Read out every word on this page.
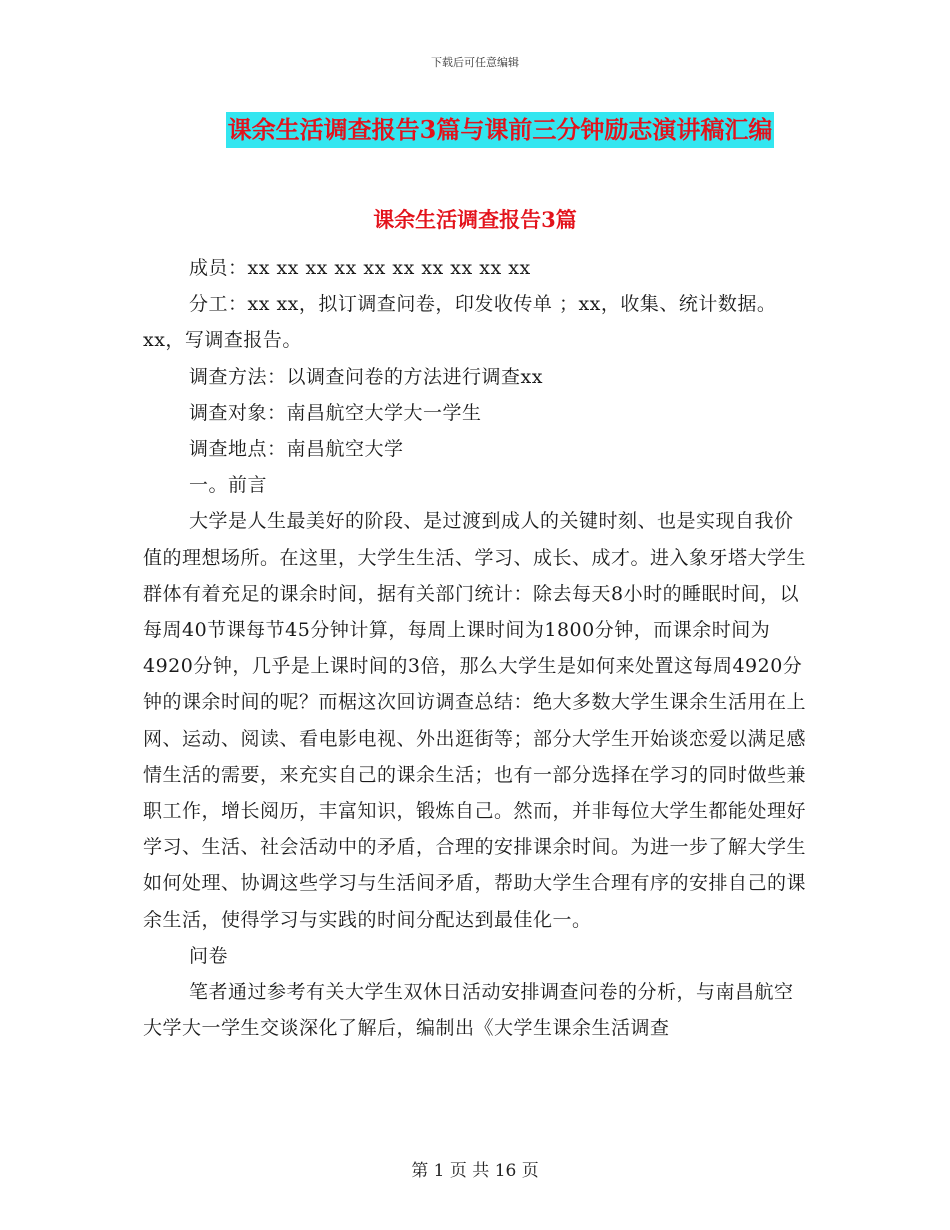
下载后可任意编辑
课余生活调查报告3篇与课前三分钟励志演讲稿汇编
课余生活调查报告3篇

成员：xx xx xx xx xx xx xx xx xx xx

分工：xx xx，拟订调查问卷，印发收传单 ；xx，收集、统计数据。xx，写调查报告。

调查方法：以调查问卷的方法进行调查xx

调查对象：南昌航空大学大一学生

调查地点：南昌航空大学

一。前言

大学是人生最美好的阶段、是过渡到成人的关键时刻、也是实现自我价值的理想场所。在这里，大学生生活、学习、成长、成才。进入象牙塔大学生群体有着充足的课余时间，据有关部门统计：除去每天8小时的睡眠时间，以每周40节课每节45分钟计算，每周上课时间为1800分钟，而课余时间为4920分钟，几乎是上课时间的3倍，那么大学生是如何来处置这每周4920分钟的课余时间的呢？而椐这次回访调查总结：绝大多数大学生课余生活用在上网、运动、阅读、看电影电视、外出逛街等；部分大学生开始谈恋爱以满足感情生活的需要，来充实自己的课余生活；也有一部分选择在学习的同时做些兼职工作，增长阅历，丰富知识，锻炼自己。然而，并非每位大学生都能处理好学习、生活、社会活动中的矛盾，合理的安排课余时间。为进一步了解大学生如何处理、协调这些学习与生活间矛盾，帮助大学生合理有序的安排自己的课余生活，使得学习与实践的时间分配达到最佳化一。

问卷

笔者通过参考有关大学生双休日活动安排调查问卷的分析，与南昌航空大学大一学生交谈深化了解后，编制出《大学生课余生活调查

第 1 页 共 16 页
